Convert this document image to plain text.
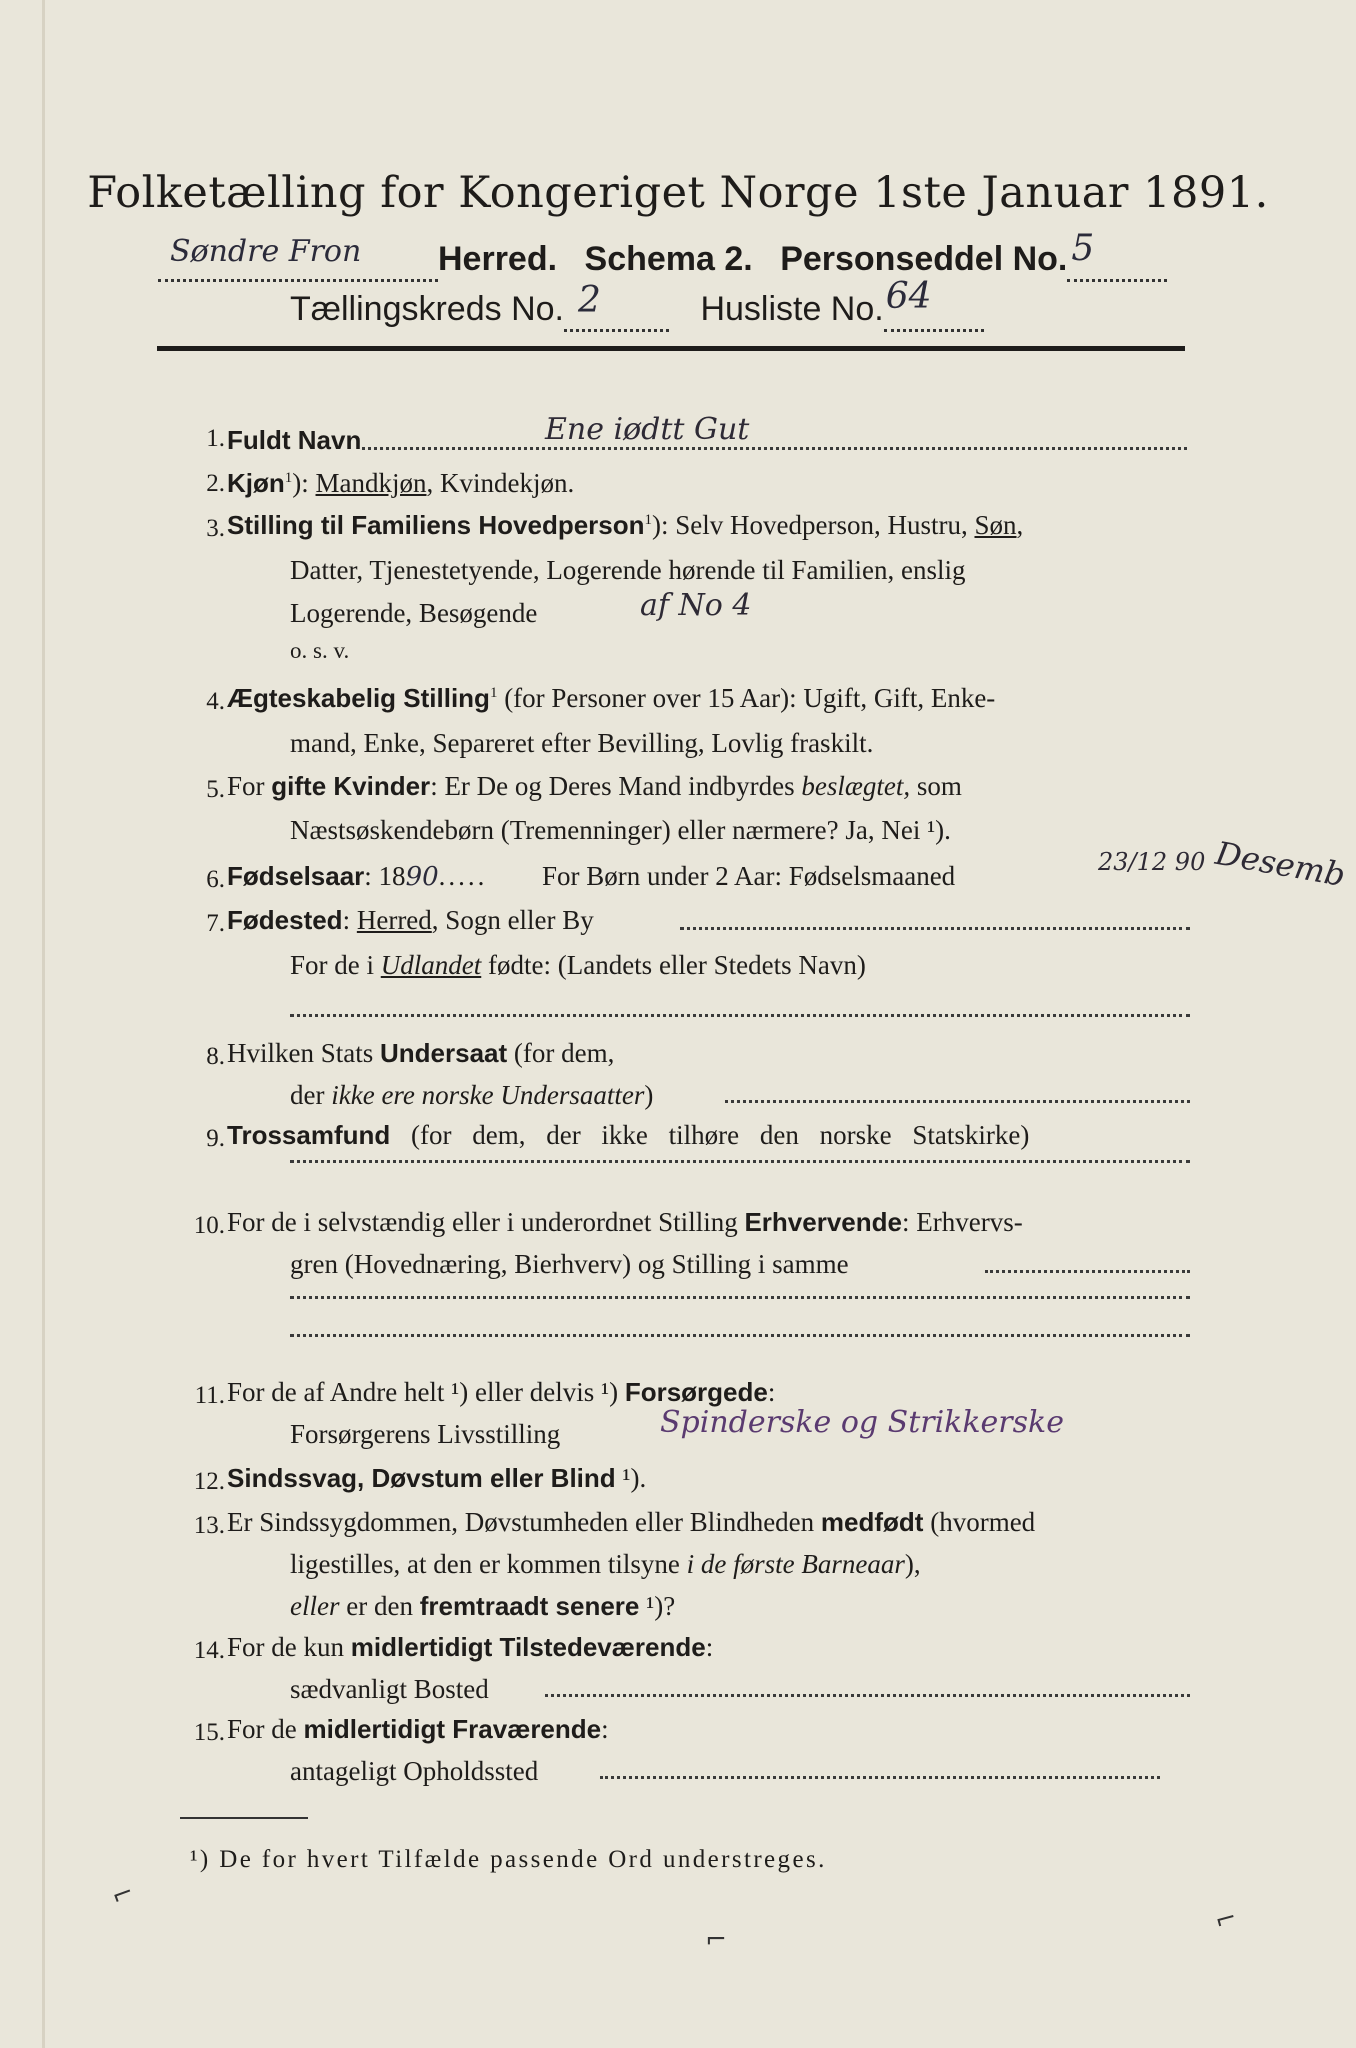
Folketælling for Kongeriget Norge 1ste Januar 1891.
Søndre Fron Herred. Schema 2. Personseddel No. 5

Tællingskreds No. 2	Husliste No. 64

1. Fuldt Navn	Ene iødtt Gut
2. Kjøn$^1$): Mandkjøn, Kvindekjøn.
3. Stilling til Familiens Hovedperson$^1$): Selv Hovedperson, Hustru, Søn,
Datter, Tjenestetyende, Logerende hørende til Familien, enslig
Logerende, Besøgende	af No 4
o. s. v.
4. Ægteskabelig Stilling$^1$ (for Personer over 15 Aar): Ugift, Gift, Enke-
mand, Enke, Separeret efter Bevilling, Lovlig fraskilt.
5. For gifte Kvinder: Er De og Deres Mand indbyrdes beslægtet, som
Næstsøskendebørn (Tremenninger) eller nærmere? Ja, Nei ¹).
6. Fødselsaar: 1890..... For Børn under 2 Aar: Fødselsmaaned	23/12 90 Desemb
7. Fødested: Herred, Sogn eller By
For de i Udlandet fødte: (Landets eller Stedets Navn)
8. Hvilken Stats Undersaat (for dem,
der ikke ere norske Undersaatter)
9. Trossamfund (for dem, der ikke tilhøre den norske Statskirke)
10. For de i selvstændig eller i underordnet Stilling Erhvervende: Erhvervs-
gren (Hovednæring, Bierhverv) og Stilling i samme
11. For de af Andre helt ¹) eller delvis ¹) Forsørgede:
Forsørgerens Livsstilling	Spinderske og Strikkerske
12. Sindssvag, Døvstum eller Blind ¹).
13. Er Sindssygdommen, Døvstumheden eller Blindheden medfødt (hvormed
ligestilles, at den er kommen tilsyne i de første Barneaar),
eller er den fremtraadt senere ¹)?
14. For de kun midlertidigt Tilstedeværende:
sædvanligt Bosted
15. For de midlertidigt Fraværende:
antageligt Opholdssted
¹) De for hvert Tilfælde passende Ord understreges.
⌐
⌐
⌐
